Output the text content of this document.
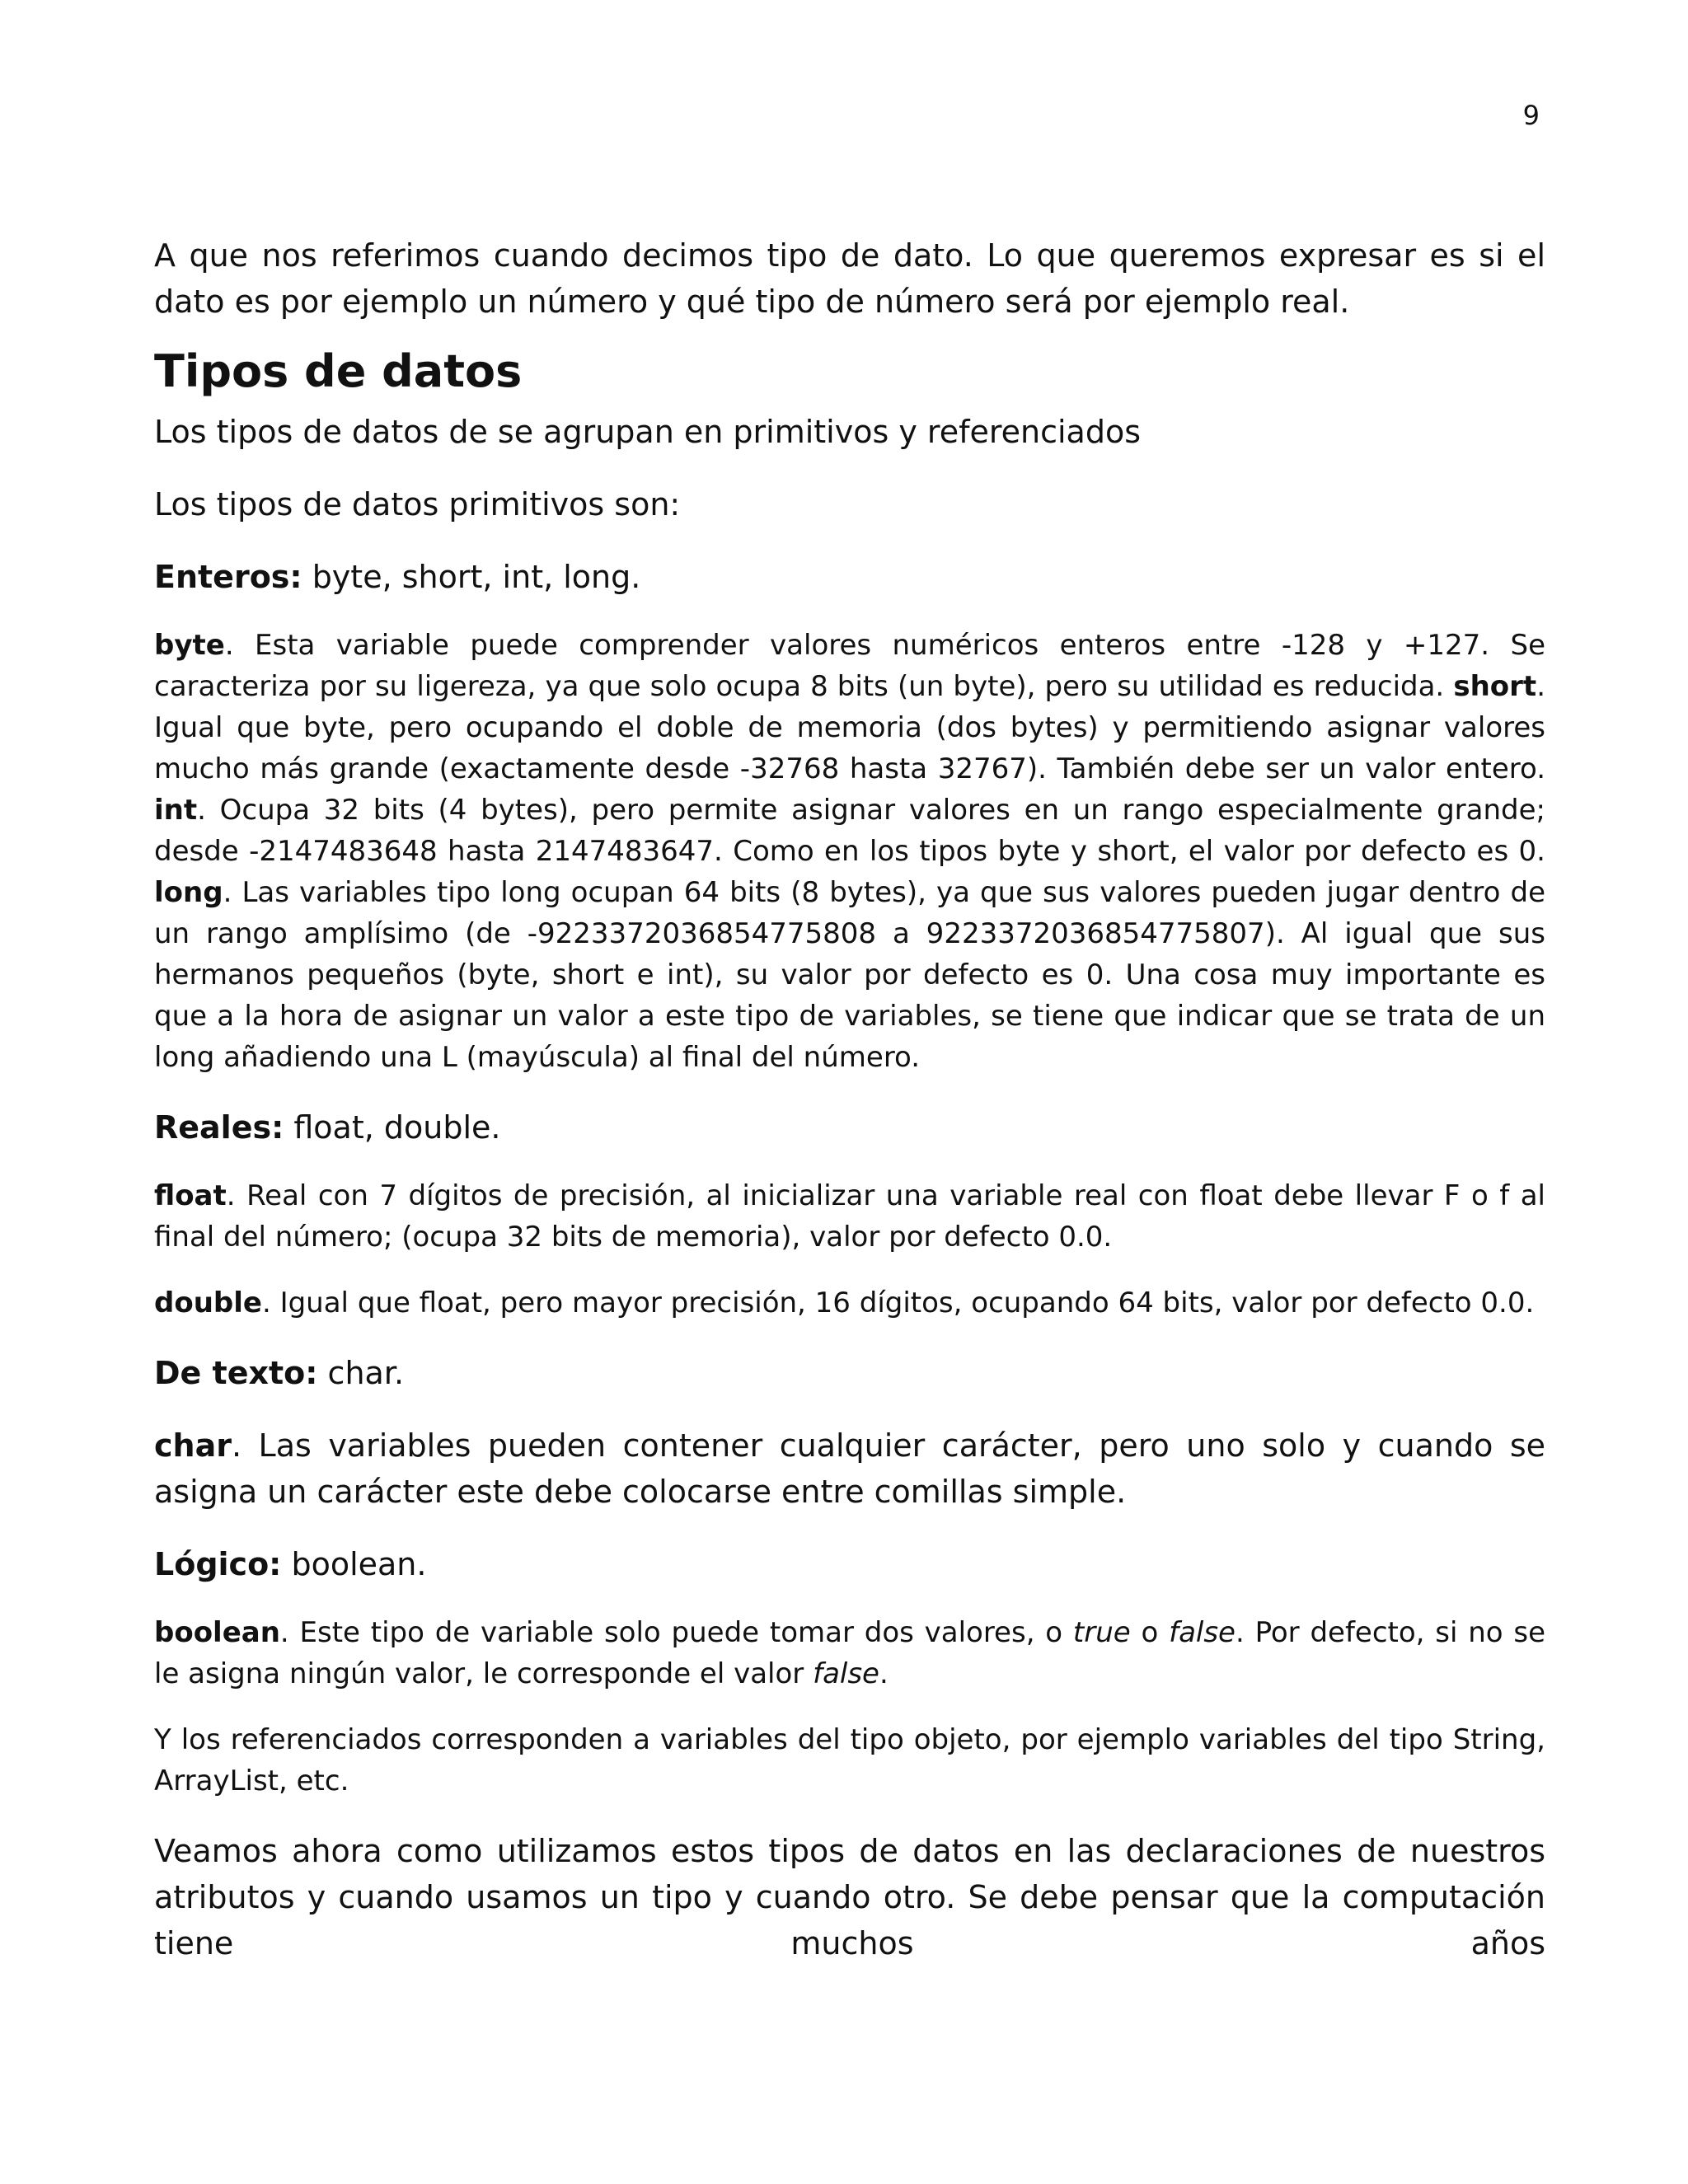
9

A que nos referimos cuando decimos tipo de dato. Lo que queremos expresar es si el dato es por ejemplo un número y qué tipo de número será por ejemplo real.

Tipos de datos

Los tipos de datos de se agrupan en primitivos y referenciados

Los tipos de datos primitivos son:

Enteros: byte, short, int, long.

byte. Esta variable puede comprender valores numéricos enteros entre -128 y +127. Se caracteriza por su ligereza, ya que solo ocupa 8 bits (un byte), pero su utilidad es reducida. short. Igual que byte, pero ocupando el doble de memoria (dos bytes) y permitiendo asignar valores mucho más grande (exactamente desde -32768 hasta 32767). También debe ser un valor entero. int. Ocupa 32 bits (4 bytes), pero permite asignar valores en un rango especialmente grande; desde -2147483648 hasta 2147483647. Como en los tipos byte y short, el valor por defecto es 0. long. Las variables tipo long ocupan 64 bits (8 bytes), ya que sus valores pueden jugar dentro de un rango amplísimo (de -9223372036854775808 a 9223372036854775807). Al igual que sus hermanos pequeños (byte, short e int), su valor por defecto es 0. Una cosa muy importante es que a la hora de asignar un valor a este tipo de variables, se tiene que indicar que se trata de un long añadiendo una L (mayúscula) al final del número.

Reales: float, double.

float. Real con 7 dígitos de precisión, al inicializar una variable real con float debe llevar F o f al final del número; (ocupa 32 bits de memoria), valor por defecto 0.0.

double. Igual que float, pero mayor precisión, 16 dígitos, ocupando 64 bits, valor por defecto 0.0.

De texto: char.

char. Las variables pueden contener cualquier carácter, pero uno solo y cuando se asigna un carácter este debe colocarse entre comillas simple.

Lógico: boolean.

boolean. Este tipo de variable solo puede tomar dos valores, o true o false. Por defecto, si no se le asigna ningún valor, le corresponde el valor false.

Y los referenciados corresponden a variables del tipo objeto, por ejemplo variables del tipo String, ArrayList, etc.

Veamos ahora como utilizamos estos tipos de datos en las declaraciones de nuestros atributos y cuando usamos un tipo y cuando otro. Se debe pensar que la computación tiene muchos años
